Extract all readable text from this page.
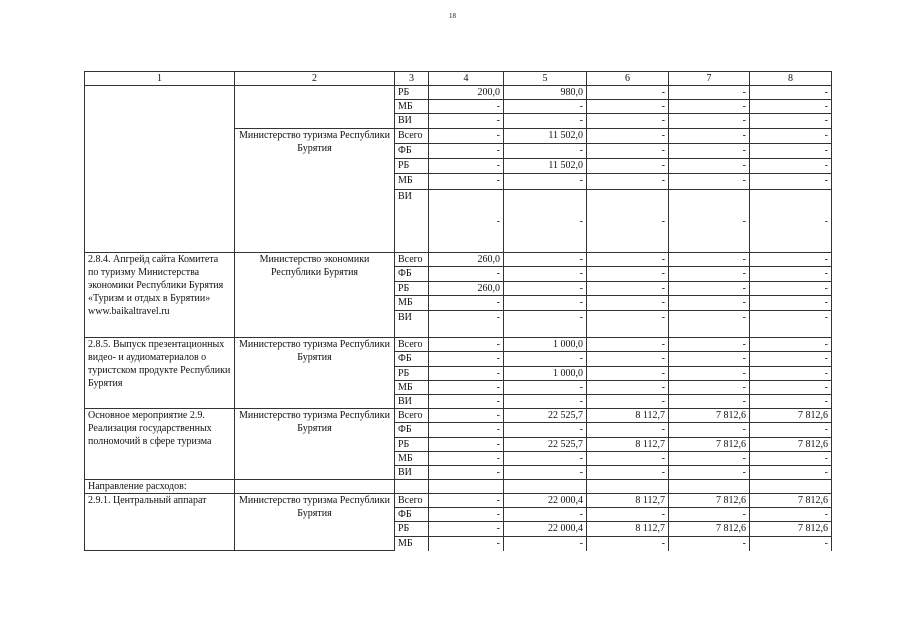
18
1	2	3	4	5	6	7	8
		РБ	200,0	980,0	-	-	-
		МБ	-	-	-	-	-
		ВИ	-	-	-	-	-
	Министерство туризма Республики Бурятия	Всего	-	11 502,0	-	-	-
		ФБ	-	-	-	-	-
		РБ	-	11 502,0	-	-	-
		МБ	-	-	-	-	-
		ВИ	-	-	-	-	-
2.8.4. Апгрейд сайта Комитета по туризму Министерства экономики Республики Бурятия «Туризм и отдых в Бурятии» www.baikaltravel.ru	Министерство экономики Республики Бурятия	Всего	260,0	-	-	-	-
		ФБ	-	-	-	-	-
		РБ	260,0	-	-	-	-
		МБ	-	-	-	-	-
		ВИ	-	-	-	-	-
2.8.5. Выпуск презентационных видео- и аудиоматериалов о туристском продукте Республики Бурятия	Министерство туризма Республики Бурятия	Всего	-	1 000,0	-	-	-
		ФБ	-	-	-	-	-
		РБ	-	1 000,0	-	-	-
		МБ	-	-	-	-	-
		ВИ	-	-	-	-	-
Основное мероприятие 2.9. Реализация государственных полномочий в сфере туризма	Министерство туризма Республики Бурятия	Всего	-	22 525,7	8 112,7	7 812,6	7 812,6
		ФБ	-	-	-	-	-
		РБ	-	22 525,7	8 112,7	7 812,6	7 812,6
		МБ	-	-	-	-	-
		ВИ	-	-	-	-	-
Направление расходов:							
2.9.1. Центральный аппарат	Министерство туризма Республики Бурятия	Всего	-	22 000,4	8 112,7	7 812,6	7 812,6
		ФБ	-	-	-	-	-
		РБ	-	22 000,4	8 112,7	7 812,6	7 812,6
		МБ	-	-	-	-	-
